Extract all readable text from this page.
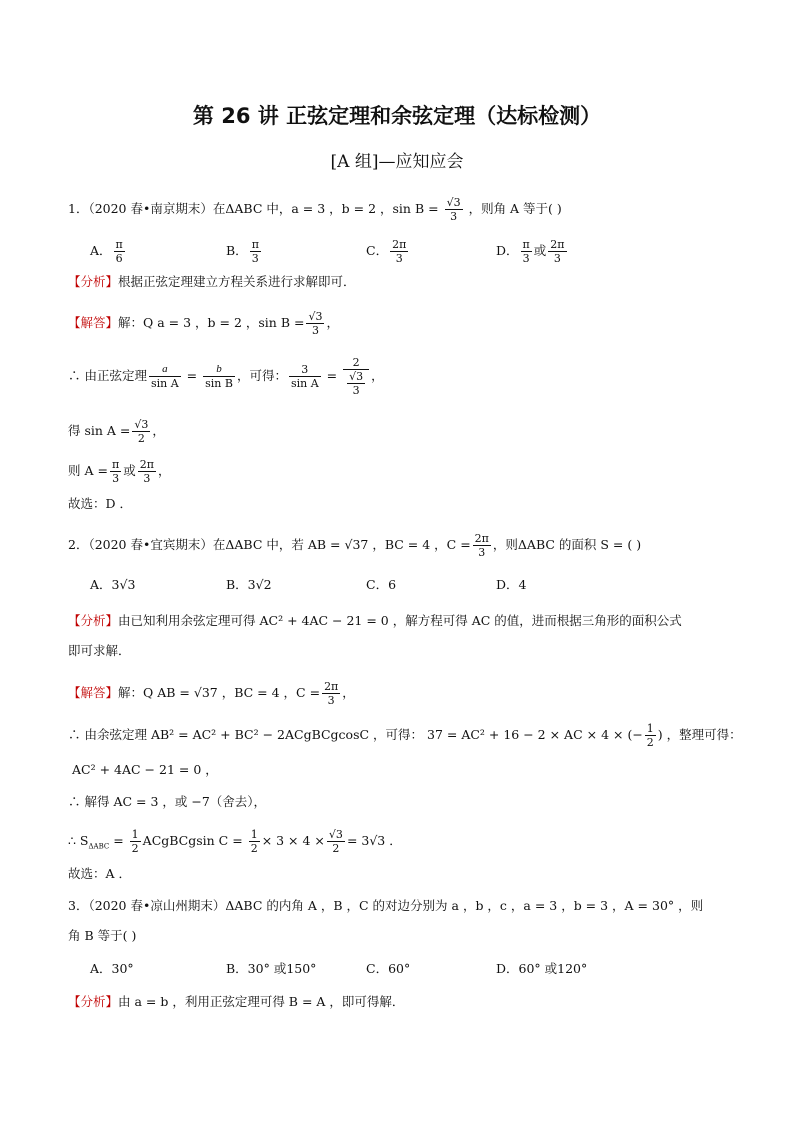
第 26 讲 正弦定理和余弦定理（达标检测）
[A 组]—应知应会
1．（2020 春•南京期末）在ΔABC 中，a = 3 ，b = 2 ，$\sin B = \frac{√3}{3}$ ，则角 A 等于( )
A． $\frac{\pi}{6}$	B． $\frac{\pi}{3}$	C． $\frac{2\pi}{3}$	D． $\frac{\pi}{3}$ 或 $\frac{2\pi}{3}$
【分析】根据正弦定理建立方程关系进行求解即可．
【解答】解：Q a = 3 ，b = 2 ，$\sin B = \frac{√3}{3}$ ，
∴ 由正弦定理 $\frac{a}{\text{sin A}} = \frac{b}{\text{sin B}}$ ，可得： $\frac{3}{\text{sin A}} = \frac{2}{\frac{√3}{3}}$ ，
得 $\sin A = \frac{√3}{2}$ ，
则 $A = \frac{\pi}{3}$ 或 $\frac{2\pi}{3}$ ，
故选：D ．
2．（2020 春•宜宾期末）在ΔABC 中，若 AB = √37 ，BC = 4 ，$C = \frac{2\pi}{3}$ ，则ΔABC 的面积 S = ( )
A．3√3	B．3√2	C．6	D．4
【分析】由已知利用余弦定理可得 AC² + 4AC − 21 = 0 ，解方程可得 AC 的值，进而根据三角形的面积公式
即可求解．
【解答】解：Q AB = √37 ，BC = 4 ，$C = \frac{2\pi}{3}$ ，
∴ 由余弦定理 AB² = AC² + BC² − 2ACgBCgcosC ，可得： 37 = AC² + 16 − 2 × AC × 4 × (− $\frac{1}{2}$ ) ，整理可得：
AC² + 4AC − 21 = 0 ，
∴ 解得 AC = 3 ，或 −7（舍去），
∴ $S_{\Delta ABC} = \frac{1}{2}$ ACgBCgsin $C = \frac{1}{2} \times 3 \times 4 \times \frac{√3}{2} = 3√3$ ．
故选：A ．
3．（2020 春•凉山州期末）ΔABC 的内角 A ，B ，C 的对边分别为 a ，b ，c ，a = 3 ，b = 3 ，A = 30° ，则
角 B 等于( )
A．30°	B．30° 或150°	C．60°	D．60° 或120°
【分析】由 a = b ，利用正弦定理可得 B = A ，即可得解．
